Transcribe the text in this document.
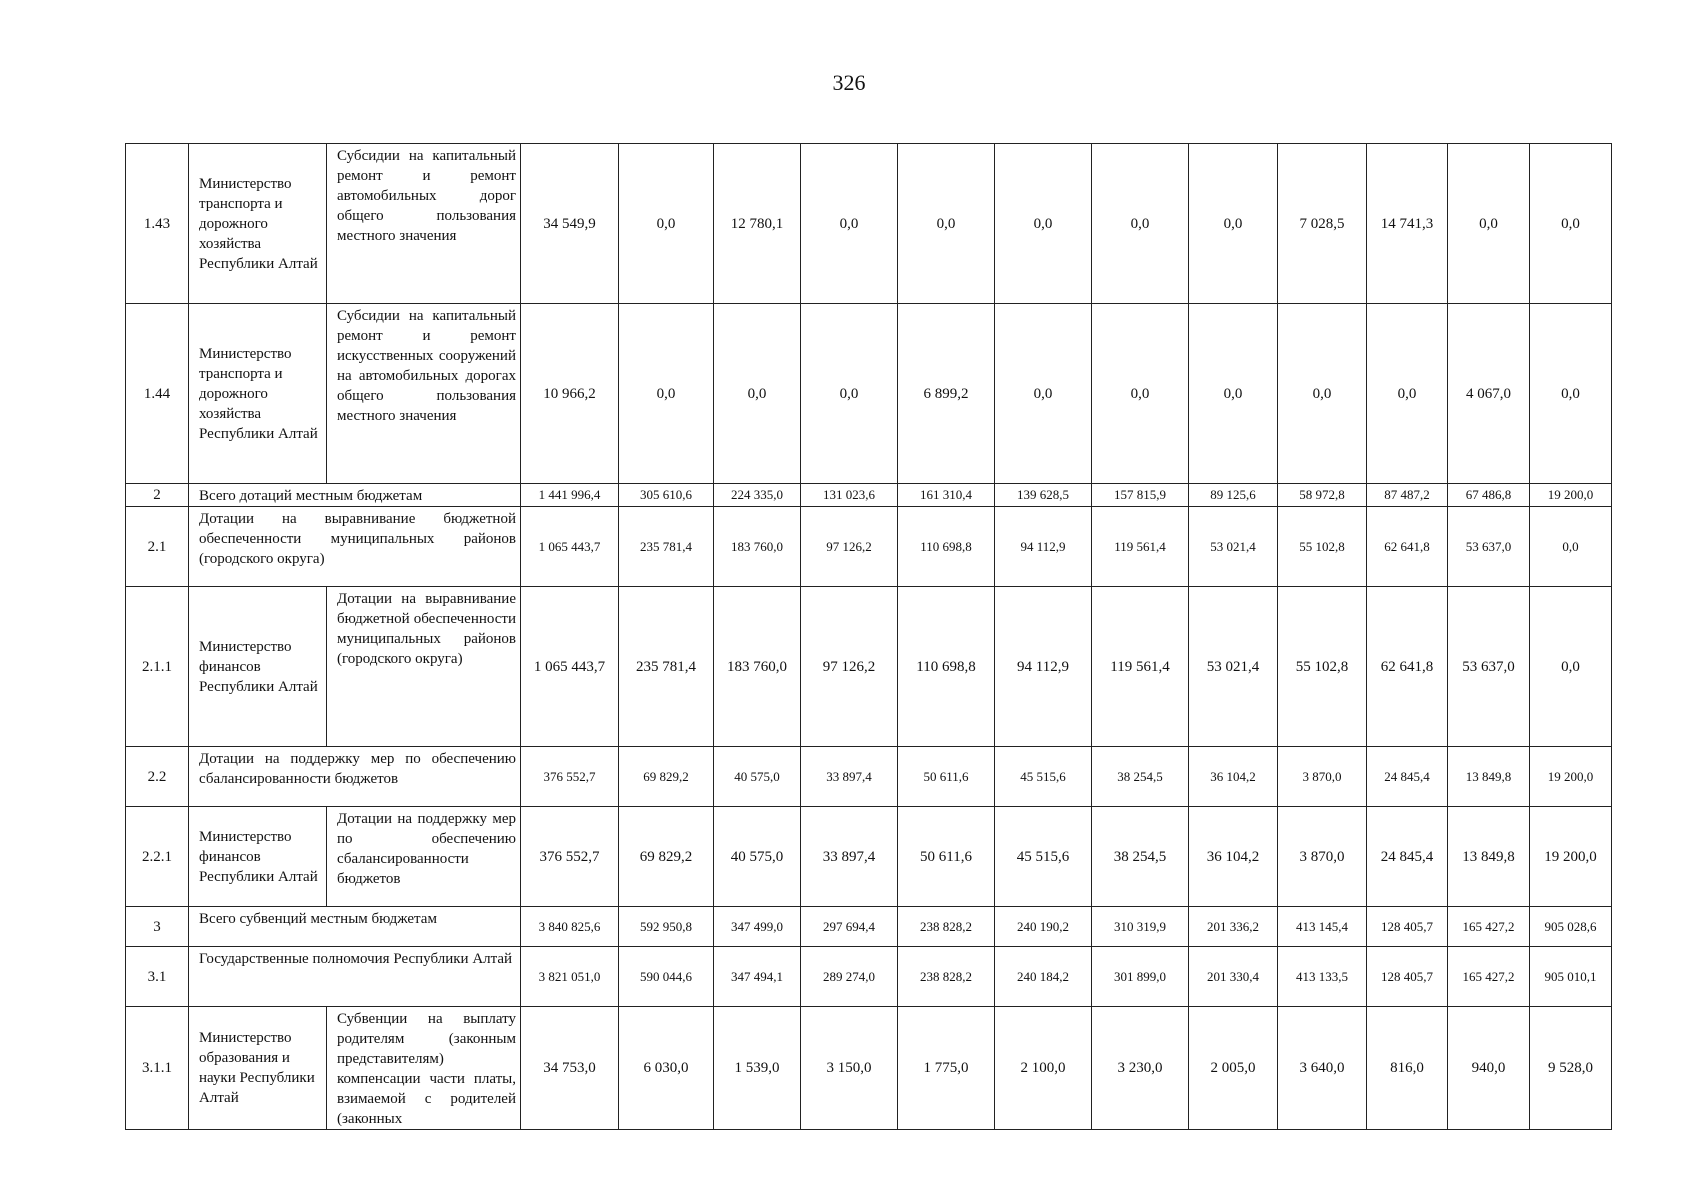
326
1.43	Министерство транспорта и дорожного хозяйства Республики Алтай	Субсидии на капитальный ремонт и ремонт автомобильных дорог общего пользования местного значения	34 549,9	0,0	12 780,1	0,0	0,0	0,0	0,0	0,0	7 028,5	14 741,3	0,0	0,0
1.44	Министерство транспорта и дорожного хозяйства Республики Алтай	Субсидии на капитальный ремонт и ремонт искусственных сооружений на автомобильных дорогах общего пользования местного значения	10 966,2	0,0	0,0	0,0	6 899,2	0,0	0,0	0,0	0,0	0,0	4 067,0	0,0
2	Всего дотаций местным бюджетам		1 441 996,4	305 610,6	224 335,0	131 023,6	161 310,4	139 628,5	157 815,9	89 125,6	58 972,8	87 487,2	67 486,8	19 200,0
2.1	Дотации на выравнивание бюджетной обеспеченности муниципальных районов (городского округа)		1 065 443,7	235 781,4	183 760,0	97 126,2	110 698,8	94 112,9	119 561,4	53 021,4	55 102,8	62 641,8	53 637,0	0,0
2.1.1	Министерство финансов Республики Алтай	Дотации на выравнивание бюджетной обеспеченности муниципальных районов (городского округа)	1 065 443,7	235 781,4	183 760,0	97 126,2	110 698,8	94 112,9	119 561,4	53 021,4	55 102,8	62 641,8	53 637,0	0,0
2.2	Дотации на поддержку мер по обеспечению сбалансированности бюджетов		376 552,7	69 829,2	40 575,0	33 897,4	50 611,6	45 515,6	38 254,5	36 104,2	3 870,0	24 845,4	13 849,8	19 200,0
2.2.1	Министерство финансов Республики Алтай	Дотации на поддержку мер по обеспечению сбалансированности бюджетов	376 552,7	69 829,2	40 575,0	33 897,4	50 611,6	45 515,6	38 254,5	36 104,2	3 870,0	24 845,4	13 849,8	19 200,0
3	Всего субвенций местным бюджетам		3 840 825,6	592 950,8	347 499,0	297 694,4	238 828,2	240 190,2	310 319,9	201 336,2	413 145,4	128 405,7	165 427,2	905 028,6
3.1	Государственные полномочия Республики Алтай		3 821 051,0	590 044,6	347 494,1	289 274,0	238 828,2	240 184,2	301 899,0	201 330,4	413 133,5	128 405,7	165 427,2	905 010,1
3.1.1	Министерство образования и науки Республики Алтай	Субвенции на выплату родителям (законным представителям) компенсации части платы, взимаемой с родителей (законных	34 753,0	6 030,0	1 539,0	3 150,0	1 775,0	2 100,0	3 230,0	2 005,0	3 640,0	816,0	940,0	9 528,0
